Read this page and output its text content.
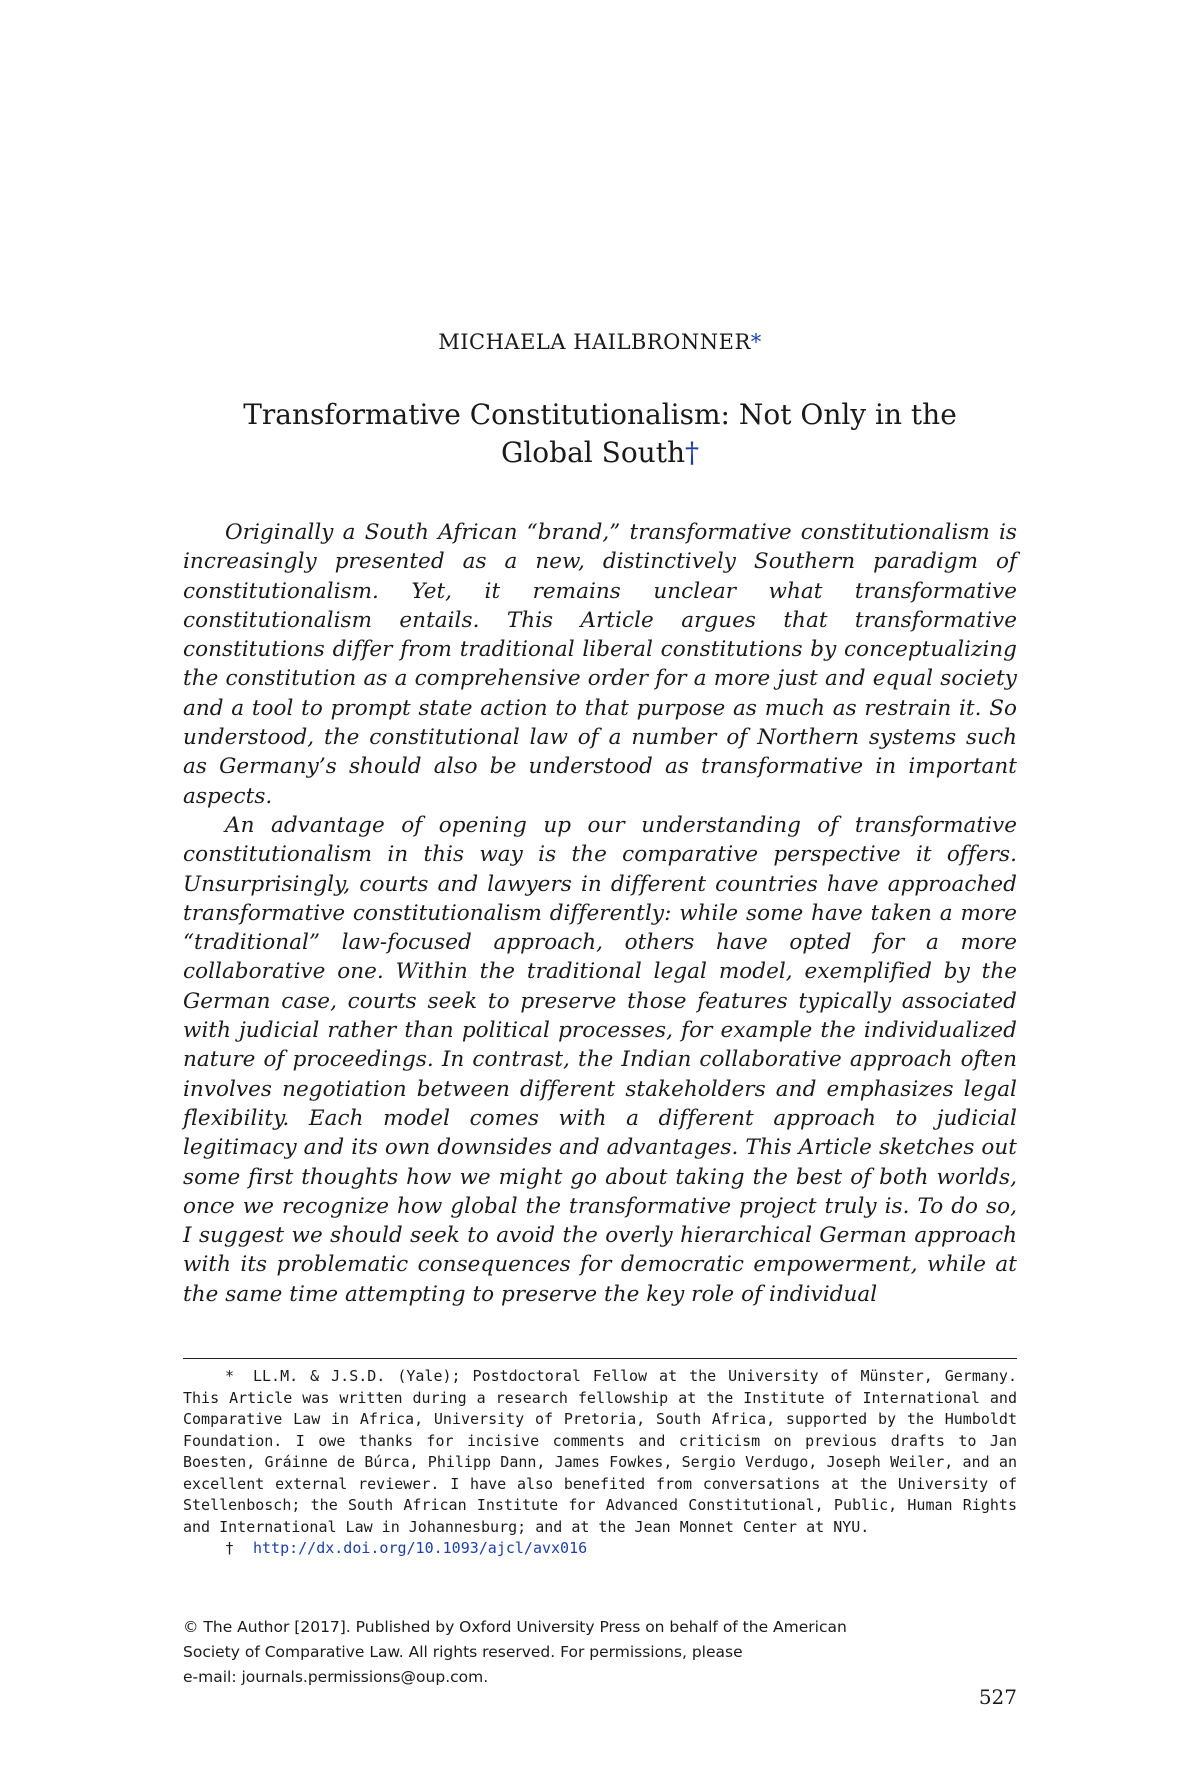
MICHAELA HAILBRONNER*
Transformative Constitutionalism: Not Only in the
Global South†

Originally a South African “brand,” transformative constitutionalism is increasingly presented as a new, distinctively Southern paradigm of constitutionalism. Yet, it remains unclear what transformative constitutionalism entails. This Article argues that transformative constitutions differ from traditional liberal constitutions by conceptualizing the constitution as a comprehensive order for a more just and equal society and a tool to prompt state action to that purpose as much as restrain it. So understood, the constitutional law of a number of Northern systems such as Germany’s should also be understood as transformative in important aspects.

An advantage of opening up our understanding of transformative constitutionalism in this way is the comparative perspective it offers. Unsurprisingly, courts and lawyers in different countries have approached transformative constitutionalism differently: while some have taken a more “traditional” law-focused approach, others have opted for a more collaborative one. Within the traditional legal model, exemplified by the German case, courts seek to preserve those features typically associated with judicial rather than political processes, for example the individualized nature of proceedings. In contrast, the Indian collaborative approach often involves negotiation between different stakeholders and emphasizes legal flexibility. Each model comes with a different approach to judicial legitimacy and its own downsides and advantages. This Article sketches out some first thoughts how we might go about taking the best of both worlds, once we recognize how global the transformative project truly is. To do so, I suggest we should seek to avoid the overly hierarchical German approach with its problematic consequences for democratic empowerment, while at the same time attempting to preserve the key role of individual

* LL.M. & J.S.D. (Yale); Postdoctoral Fellow at the University of Münster, Germany. This Article was written during a research fellowship at the Institute of International and Comparative Law in Africa, University of Pretoria, South Africa, supported by the Humboldt Foundation. I owe thanks for incisive comments and criticism on previous drafts to Jan Boesten, Gráinne de Búrca, Philipp Dann, James Fowkes, Sergio Verdugo, Joseph Weiler, and an excellent external reviewer. I have also benefited from conversations at the University of Stellenbosch; the South African Institute for Advanced Constitutional, Public, Human Rights and International Law in Johannesburg; and at the Jean Monnet Center at NYU.

† http://dx.doi.org/10.1093/ajcl/avx016

© The Author [2017]. Published by Oxford University Press on behalf of the American
Society of Comparative Law. All rights reserved. For permissions, please
e-mail: journals.permissions@oup.com.
527
